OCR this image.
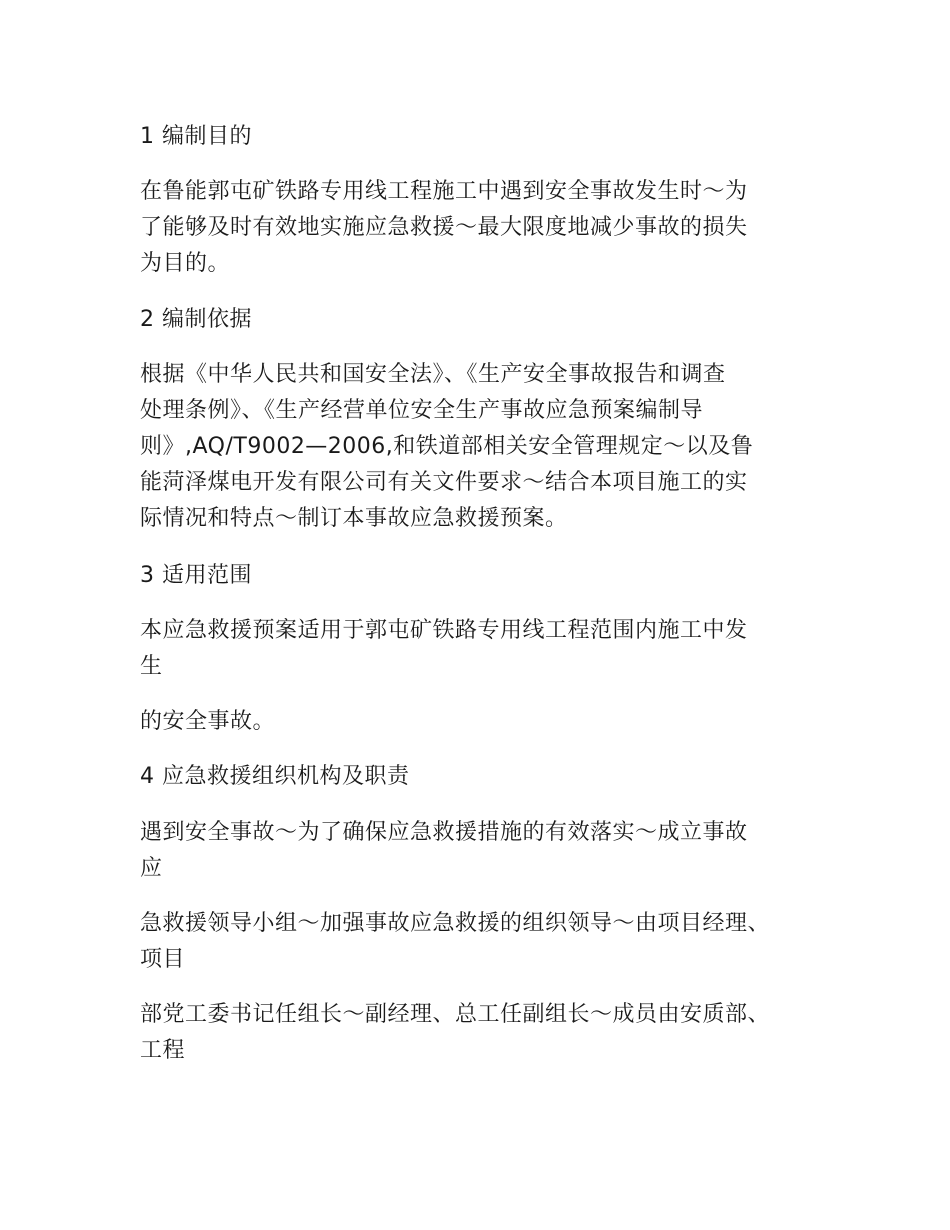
1 编制目的
在鲁能郭屯矿铁路专用线工程施工中遇到安全事故发生时～为
了能够及时有效地实施应急救援～最大限度地减少事故的损失
为目的。
2 编制依据
根据《中华人民共和国安全法》、《生产安全事故报告和调查
处理条例》、《生产经营单位安全生产事故应急预案编制导
则》,AQ/T9002—2006,和铁道部相关安全管理规定～以及鲁
能菏泽煤电开发有限公司有关文件要求～结合本项目施工的实
际情况和特点～制订本事故应急救援预案。
3 适用范围
本应急救援预案适用于郭屯矿铁路专用线工程范围内施工中发
生
的安全事故。
4 应急救援组织机构及职责
遇到安全事故～为了确保应急救援措施的有效落实～成立事故
应
急救援领导小组～加强事故应急救援的组织领导～由项目经理、
项目
部党工委书记任组长～副经理、总工任副组长～成员由安质部、
工程
